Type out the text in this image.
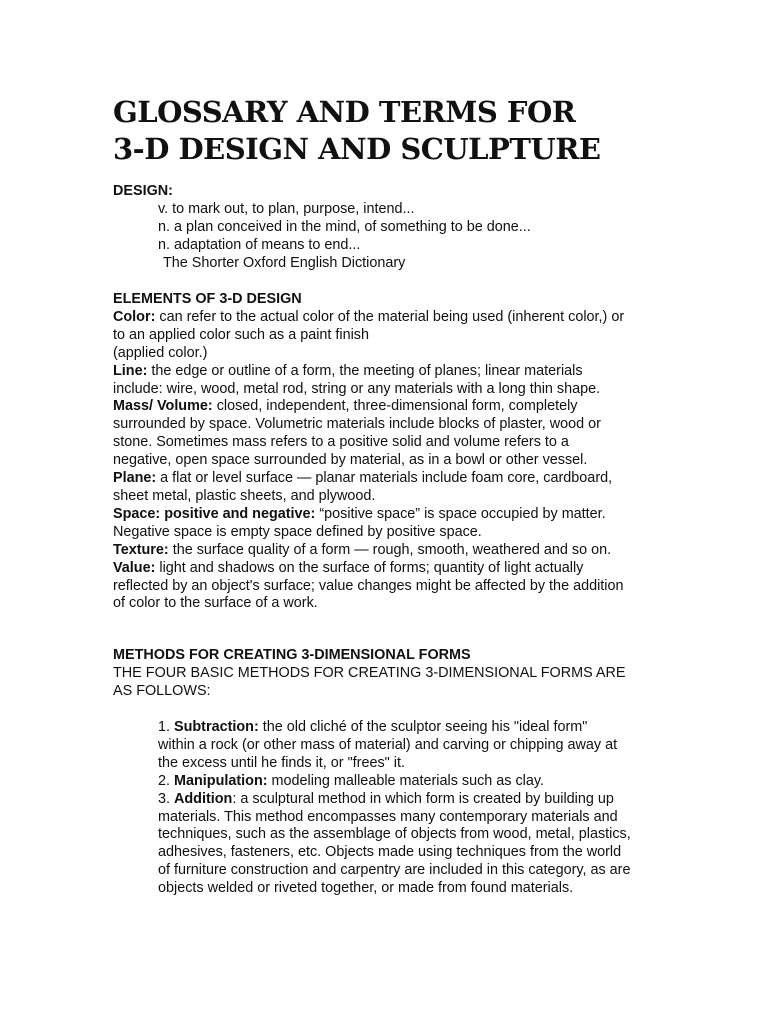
GLOSSARY AND TERMS FOR
3-D DESIGN AND SCULPTURE
DESIGN:
v. to mark out, to plan, purpose, intend...
n. a plan conceived in the mind, of something to be done...
n. adaptation of means to end...
The Shorter Oxford English Dictionary
ELEMENTS OF 3-D DESIGN
Color: can refer to the actual color of the material being used (inherent color,) or
to an applied color such as a paint finish
(applied color.)
Line: the edge or outline of a form, the meeting of planes; linear materials
include: wire, wood, metal rod, string or any materials with a long thin shape.
Mass/ Volume: closed, independent, three-dimensional form, completely
surrounded by space. Volumetric materials include blocks of plaster, wood or
stone. Sometimes mass refers to a positive solid and volume refers to a
negative, open space surrounded by material, as in a bowl or other vessel.
Plane: a flat or level surface — planar materials include foam core, cardboard,
sheet metal, plastic sheets, and plywood.
Space: positive and negative: “positive space” is space occupied by matter.
Negative space is empty space defined by positive space.
Texture: the surface quality of a form — rough, smooth, weathered and so on.
Value: light and shadows on the surface of forms; quantity of light actually
reflected by an object's surface; value changes might be affected by the addition
of color to the surface of a work.
METHODS FOR CREATING 3-DIMENSIONAL FORMS
THE FOUR BASIC METHODS FOR CREATING 3-DIMENSIONAL FORMS ARE
AS FOLLOWS:
1. Subtraction: the old cliché of the sculptor seeing his "ideal form"
within a rock (or other mass of material) and carving or chipping away at
the excess until he finds it, or "frees" it.
2. Manipulation: modeling malleable materials such as clay.
3. Addition: a sculptural method in which form is created by building up
materials. This method encompasses many contemporary materials and
techniques, such as the assemblage of objects from wood, metal, plastics,
adhesives, fasteners, etc. Objects made using techniques from the world
of furniture construction and carpentry are included in this category, as are
objects welded or riveted together, or made from found materials.
